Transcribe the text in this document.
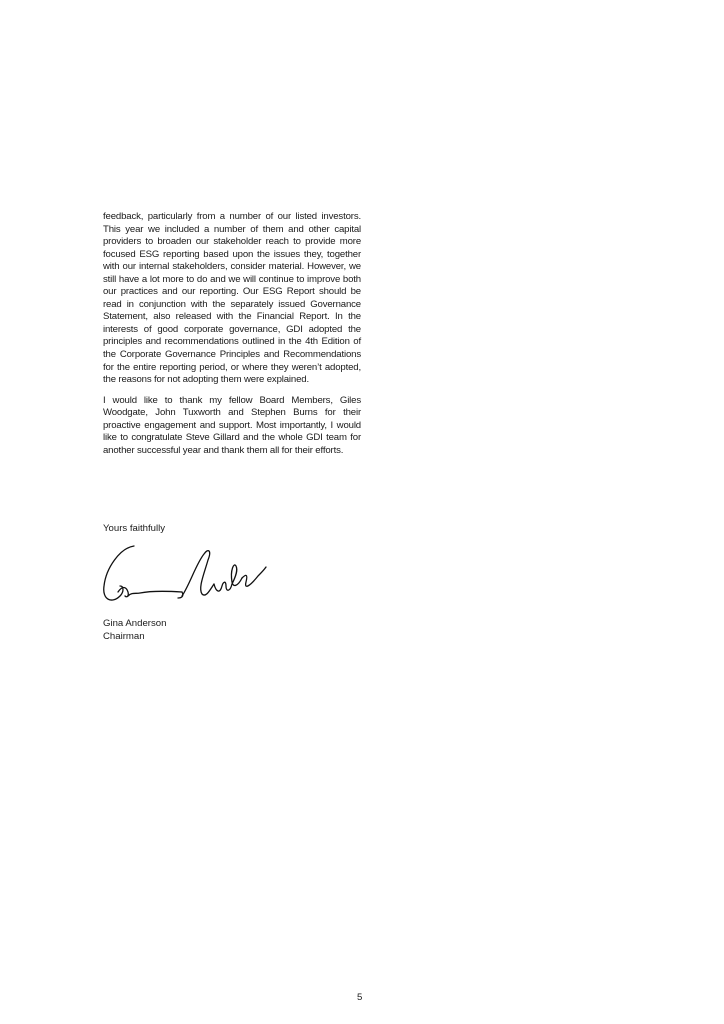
feedback, particularly from a number of our listed investors. This year we included a number of them and other capital providers to broaden our stakeholder reach to provide more focused ESG reporting based upon the issues they, together with our internal stakeholders, consider material. However, we still have a lot more to do and we will continue to improve both our practices and our reporting. Our ESG Report should be read in conjunction with the separately issued Governance Statement, also released with the Financial Report. In the interests of good corporate governance, GDI adopted the principles and recommendations outlined in the 4th Edition of the Corporate Governance Principles and Recommendations for the entire reporting period, or where they weren’t adopted, the reasons for not adopting them were explained.

I would like to thank my fellow Board Members, Giles Woodgate, John Tuxworth and Stephen Burns for their proactive engagement and support. Most importantly, I would like to congratulate Steve Gillard and the whole GDI team for another successful year and thank them all for their efforts.

Yours faithfully

Gina Anderson
Chairman
5
